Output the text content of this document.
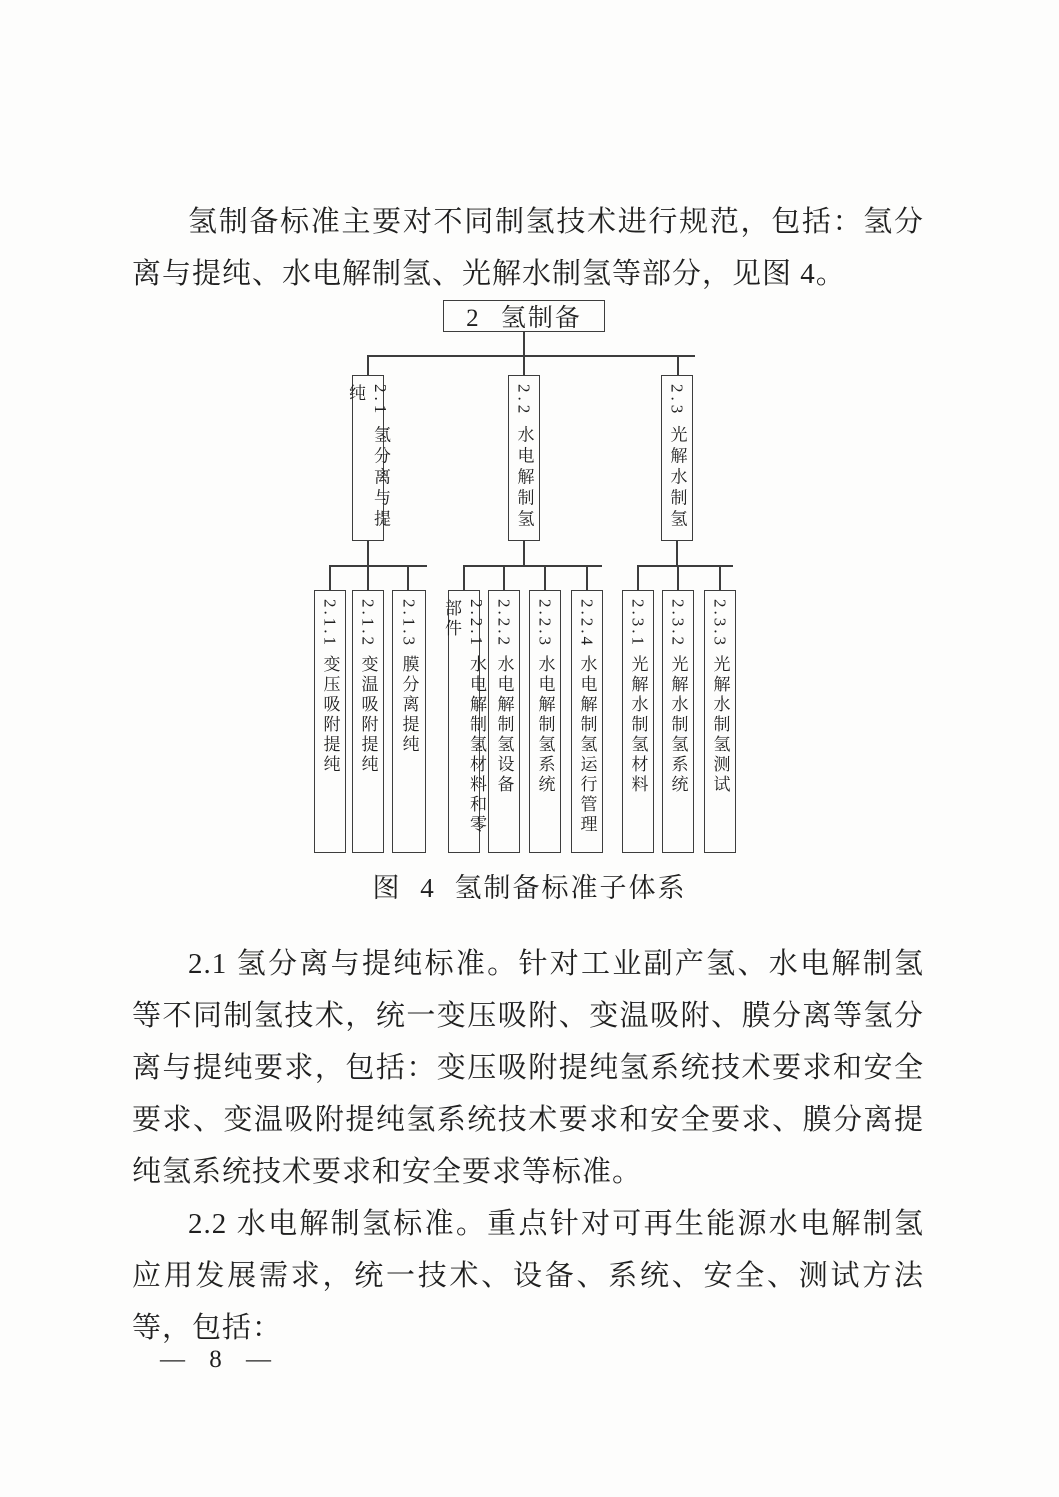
氢制备标准主要对不同制氢技术进行规范，包括：氢分离与提纯、水电解制氢、光解水制氢等部分，见图 4。
2 氢制备
2.1 氢分离与提纯	2.2 水电解制氢	2.3 光解水制氢
2.1.1 变压吸附提纯 2.1.2 变温吸附提纯 2.1.3 膜分离提纯	2.2.1 水电解制氢材料和零部件	2.2.2 水电解制氢设备 2.2.3 水电解制氢系统 2.2.4 水电解制氢运行管理 2.3.1 光解水制氢材料 2.3.2 光解水制氢系统 2.3.3 光解水制氢测试
图 4 氢制备标准子体系
2.1 氢分离与提纯标准。针对工业副产氢、水电解制氢等不同制氢技术，统一变压吸附、变温吸附、膜分离等氢分离与提纯要求，包括：变压吸附提纯氢系统技术要求和安全要求、变温吸附提纯氢系统技术要求和安全要求、膜分离提纯氢系统技术要求和安全要求等标准。
2.2 水电解制氢标准。重点针对可再生能源水电解制氢应用发展需求，统一技术、设备、系统、安全、测试方法等，包括：
— 8 —
